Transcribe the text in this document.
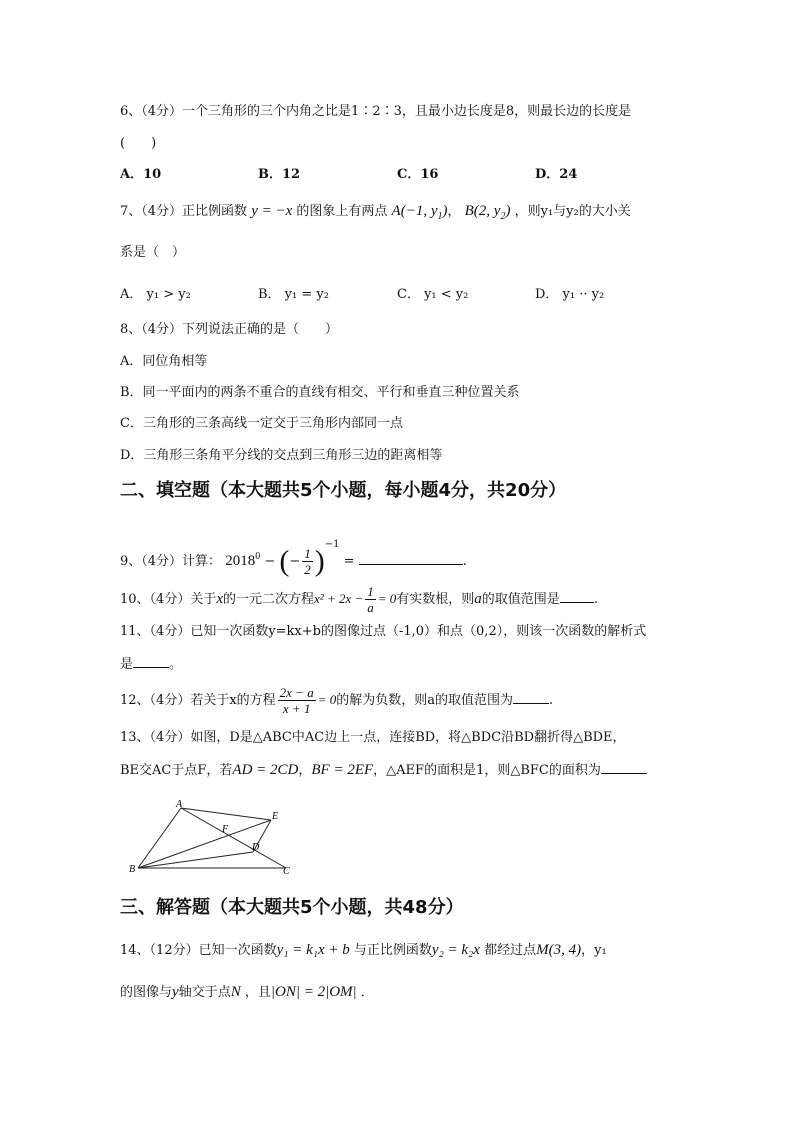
6、（4分）一个三角形的三个内角之比是1∶2∶3，且最小边长度是8，则最长边的长度是
(　　)
A．10	B．12	C．16	D．24
7、（4分）正比例函数 y = −x 的图象上有两点 A(−1, $y_1$)， B(2, $y_2$) ，则y₁与y₂的大小关
系是（　）
A． y₁ > y₂	B． y₁ = y₂	C． y₁ < y₂	D． y₁ ·· y₂
8、（4分）下列说法正确的是（　　）
A．同位角相等
B．同一平面内的两条不重合的直线有相交、平行和垂直三种位置关系
C．三角形的三条高线一定交于三角形内部同一点
D．三角形三条角平分线的交点到三角形三边的距离相等
二、填空题（本大题共5个小题，每小题4分，共20分）
9、（4分）计算： $2018^0$ − (− $\frac{1}{2} )^{-1}$ =	.
10、（4分）关于x的一元二次方程$x^2 + 2x - \frac{1}{a} = 0$有实数根，则a的取值范围是	.
11、（4分）已知一次函数y=kx+b的图像过点（-1,0）和点（0,2），则该一次函数的解析式
是	。
12、（4分）若关于x的方程 $\frac{2x - a}{x + 1} = 0$的解为负数，则a的取值范围为	.
13、（4分）如图，D是△ABC中AC边上一点，连接BD，将△BDC沿BD翻折得△BDE，
BE交AC于点F，若AD = 2CD，BF = 2EF，△AEF的面积是1，则△BFC的面积为
A
B	C
D
E
F
三、解答题（本大题共5个小题，共48分）
14、（12分）已知一次函数y₁ = k₁x + b 与正比例函数y₂ = k₂x 都经过点M(3, 4)，y₁
的图像与y轴交于点N ，且|ON| = 2|OM| ．
